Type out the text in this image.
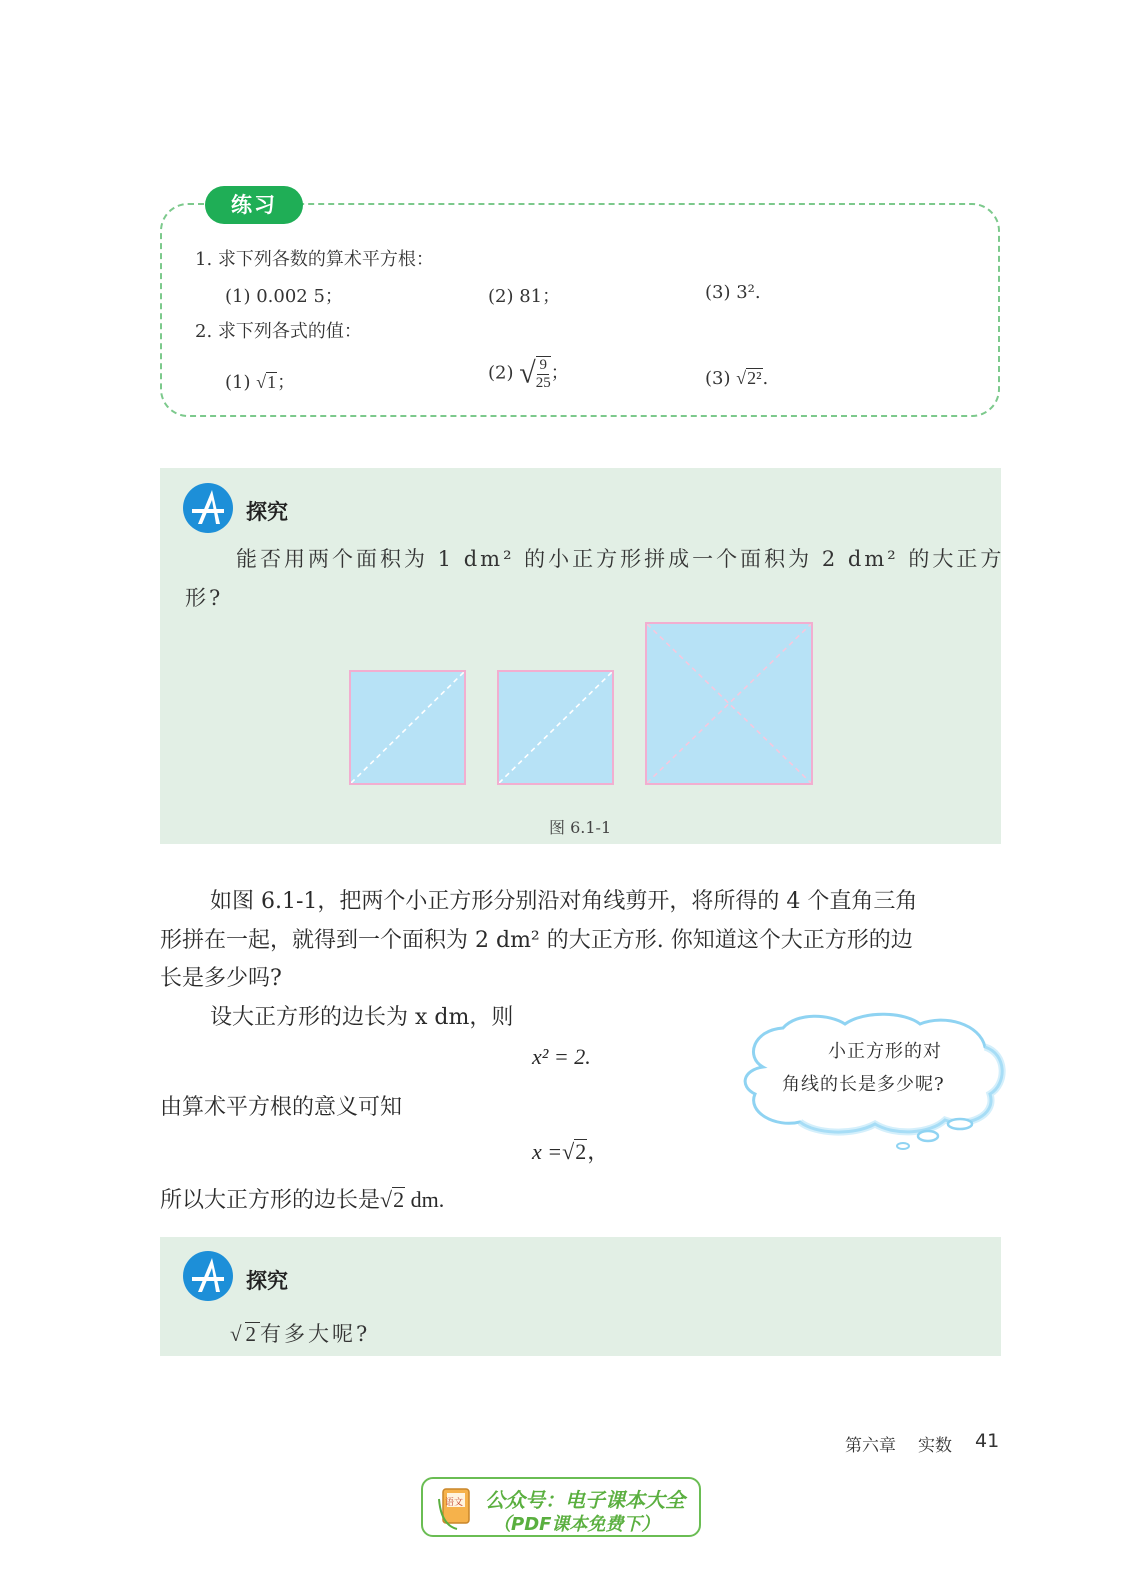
练习
1. 求下列各数的算术平方根：
(1) 0.002 5；	(2) 81；	(3) 3².
2. 求下列各式的值：
(1) √1；	(2) √ $\frac{9}{25}$ ；	(3) √2².
探究
能否用两个面积为 1 dm² 的小正方形拼成一个面积为 2 dm² 的大正方
形?
图 6.1-1
如图 6.1-1，把两个小正方形分别沿对角线剪开，将所得的 4 个直角三角
形拼在一起，就得到一个面积为 2 dm² 的大正方形. 你知道这个大正方形的边
长是多少吗?
设大正方形的边长为 x dm，则
x² = 2.
由算术平方根的意义可知
x =√2，
所以大正方形的边长是√2 dm.
小正方形的对
角线的长是多少呢?
探究
√2有多大呢?
第六章 实数 41
语文 公众号：电子课本大全
（PDF课本免费下）
